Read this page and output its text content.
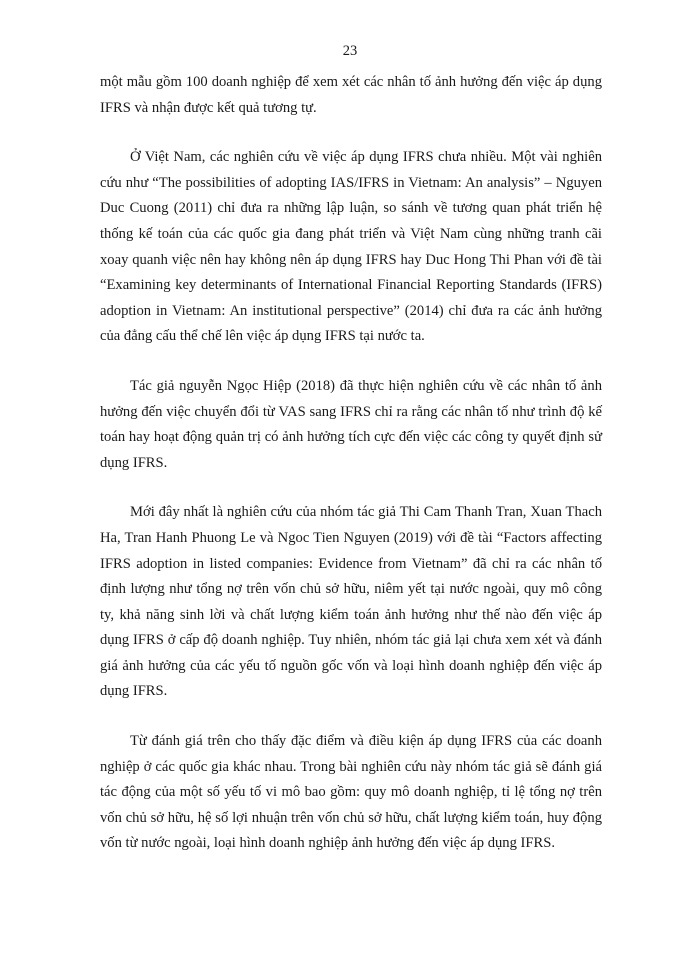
23

một mẫu gồm 100 doanh nghiệp để xem xét các nhân tố ảnh hưởng đến việc áp dụng IFRS và nhận được kết quả tương tự.

Ở Việt Nam, các nghiên cứu về việc áp dụng IFRS chưa nhiều. Một vài nghiên cứu như “The possibilities of adopting IAS/IFRS in Vietnam: An analysis” – Nguyen Duc Cuong (2011) chỉ đưa ra những lập luận, so sánh về tương quan phát triển hệ thống kế toán của các quốc gia đang phát triển và Việt Nam cùng những tranh cãi xoay quanh việc nên hay không nên áp dụng IFRS hay Duc Hong Thi Phan với đề tài “Examining key determinants of International Financial Reporting Standards (IFRS) adoption in Vietnam: An institutional perspective” (2014) chỉ đưa ra các ảnh hưởng của đẳng cấu thể chế lên việc áp dụng IFRS tại nước ta.

Tác giả nguyễn Ngọc Hiệp (2018) đã thực hiện nghiên cứu về các nhân tố ảnh hưởng đến việc chuyển đổi từ VAS sang IFRS chỉ ra rằng các nhân tố như trình độ kế toán hay hoạt động quản trị có ảnh hưởng tích cực đến việc các công ty quyết định sử dụng IFRS.

Mới đây nhất là nghiên cứu của nhóm tác giả Thi Cam Thanh Tran, Xuan Thach Ha, Tran Hanh Phuong Le và Ngoc Tien Nguyen (2019) với đề tài “Factors affecting IFRS adoption in listed companies: Evidence from Vietnam” đã chỉ ra các nhân tố định lượng như tổng nợ trên vốn chủ sở hữu, niêm yết tại nước ngoài, quy mô công ty, khả năng sinh lời và chất lượng kiểm toán ảnh hưởng như thế nào đến việc áp dụng IFRS ở cấp độ doanh nghiệp. Tuy nhiên, nhóm tác giả lại chưa xem xét và đánh giá ảnh hưởng của các yếu tố nguồn gốc vốn và loại hình doanh nghiệp đến việc áp dụng IFRS.

Từ đánh giá trên cho thấy đặc điểm và điều kiện áp dụng IFRS của các doanh nghiệp ở các quốc gia khác nhau. Trong bài nghiên cứu này nhóm tác giả sẽ đánh giá tác động của một số yếu tố vi mô bao gồm: quy mô doanh nghiệp, tỉ lệ tổng nợ trên vốn chủ sở hữu, hệ số lợi nhuận trên vốn chủ sở hữu, chất lượng kiểm toán, huy động vốn từ nước ngoài, loại hình doanh nghiệp ảnh hưởng đến việc áp dụng IFRS.
